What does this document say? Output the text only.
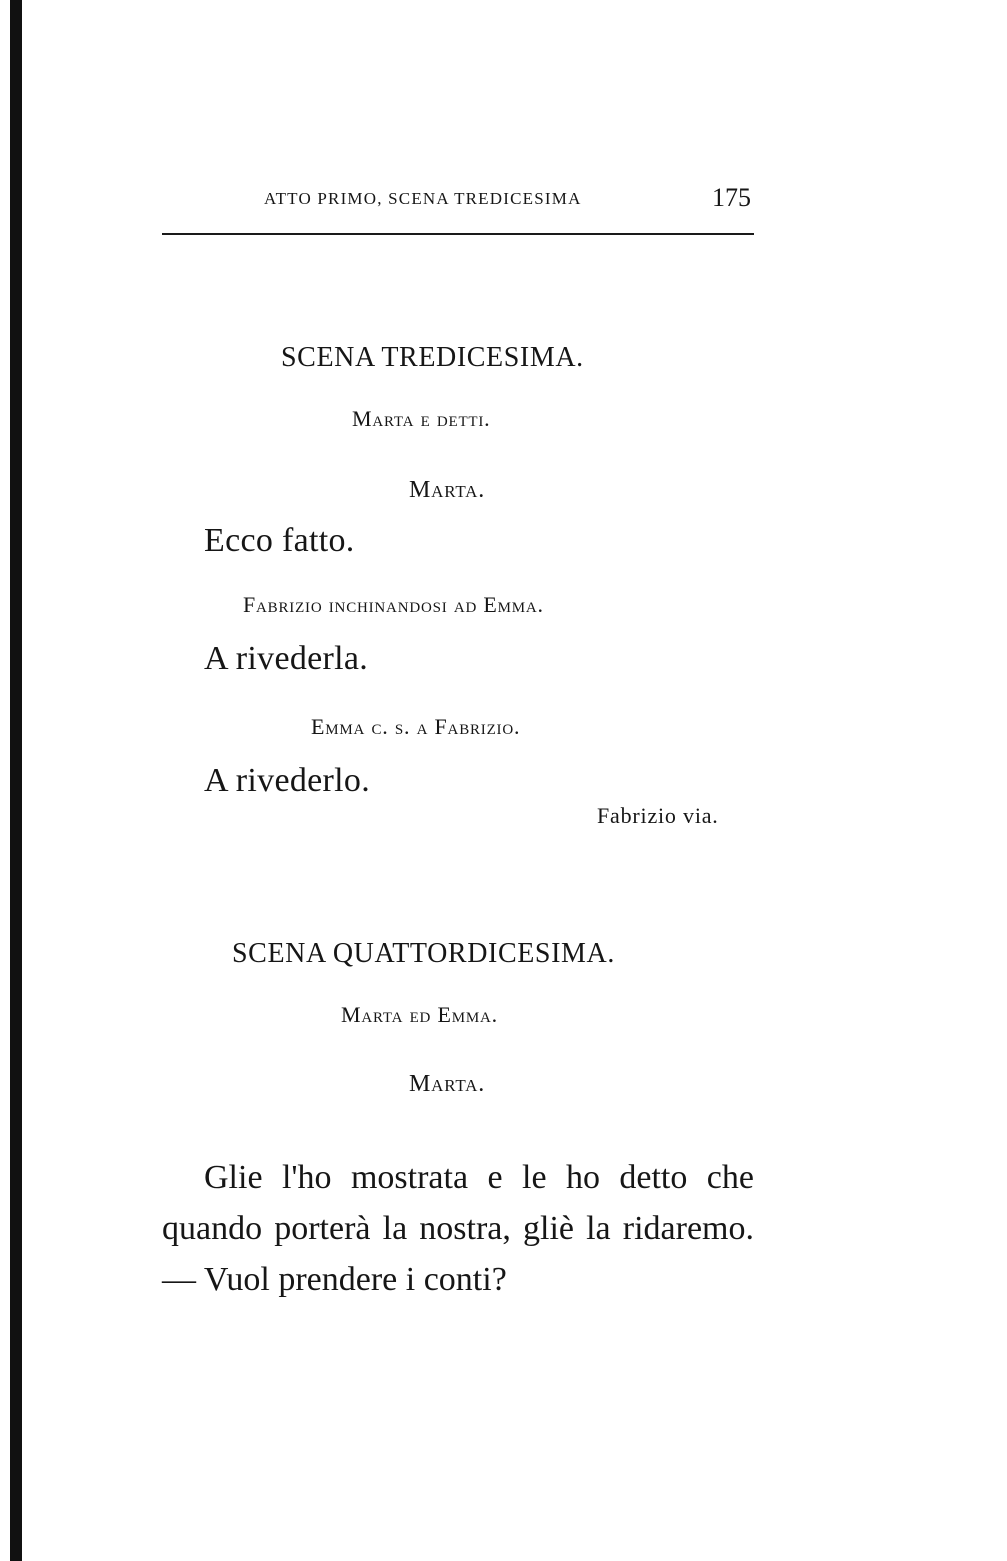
ATTO PRIMO, SCENA TREDICESIMA	175

SCENA TREDICESIMA.

Marta e detti.

Marta.

Ecco fatto.

Fabrizio inchinandosi ad Emma.

A rivederla.

Emma c. s. a Fabrizio.

A rivederlo.

Fabrizio via.

SCENA QUATTORDICESIMA.

Marta ed Emma.

Marta.

Glie l'ho mostrata e le ho detto che quando porterà la nostra, gliè la ridaremo. — Vuol prendere i conti?
